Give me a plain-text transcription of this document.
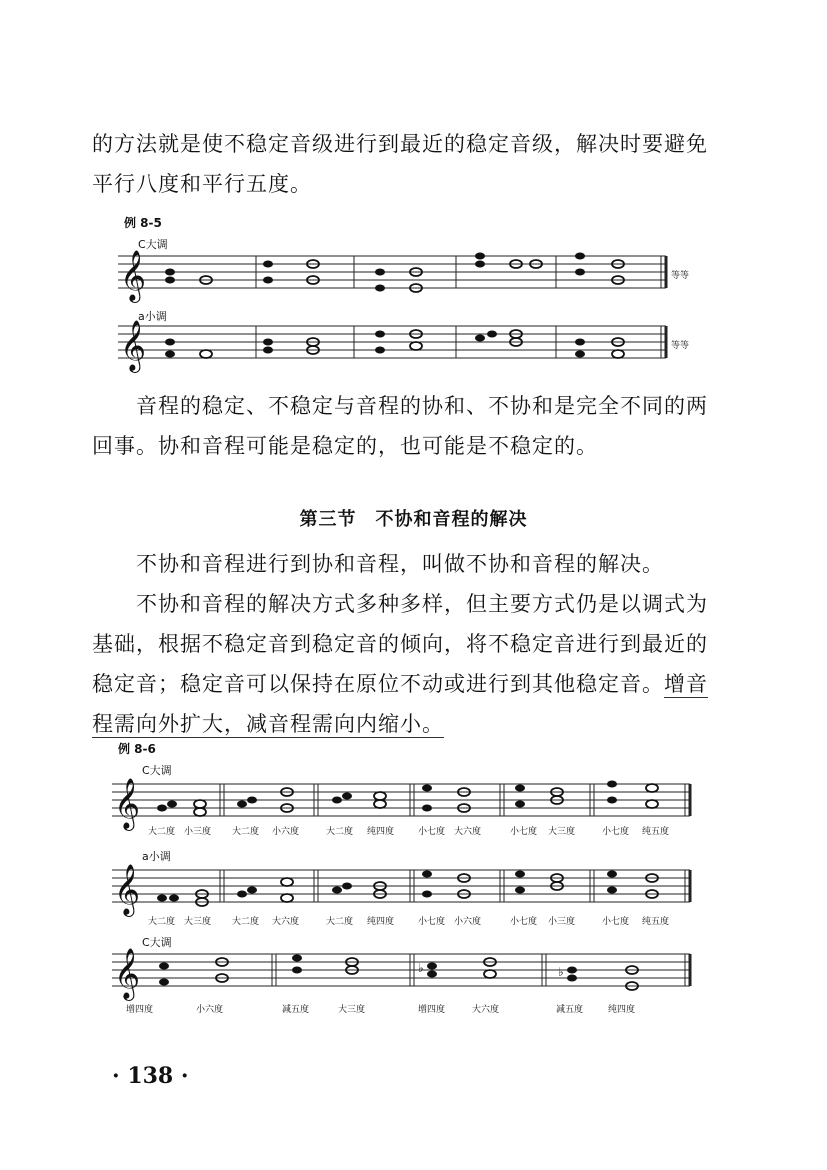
的方法就是使不稳定音级进行到最近的稳定音级，解决时要避免平行八度和平行五度。

例 8-5
𝄞
C大调
等等
𝄞
a小调
等等

音程的稳定、不稳定与音程的协和、不协和是完全不同的两回事。协和音程可能是稳定的，也可能是不稳定的。

第三节　不协和音程的解决

不协和音程进行到协和音程，叫做不协和音程的解决。

不协和音程的解决方式多种多样，但主要方式仍是以调式为基础，根据不稳定音到稳定音的倾向，将不稳定音进行到最近的稳定音；稳定音可以保持在原位不动或进行到其他稳定音。增音程需向外扩大，减音程需向内缩小。

例 8-6
C大调
𝄞
大二度 小三度 大二度 小六度	大二度 纯四度	小七度 大六度	小七度 大三度	小七度 纯五度
a小调
𝄞
大二度 大三度 大二度 大六度	大二度 纯四度	小七度 小六度	小七度 小三度	小七度 纯五度
C大调
𝄞	♭	♭
增四度	小六度	减五度	大三度	增四度	大六度	减五度	纯四度
· 138 ·
